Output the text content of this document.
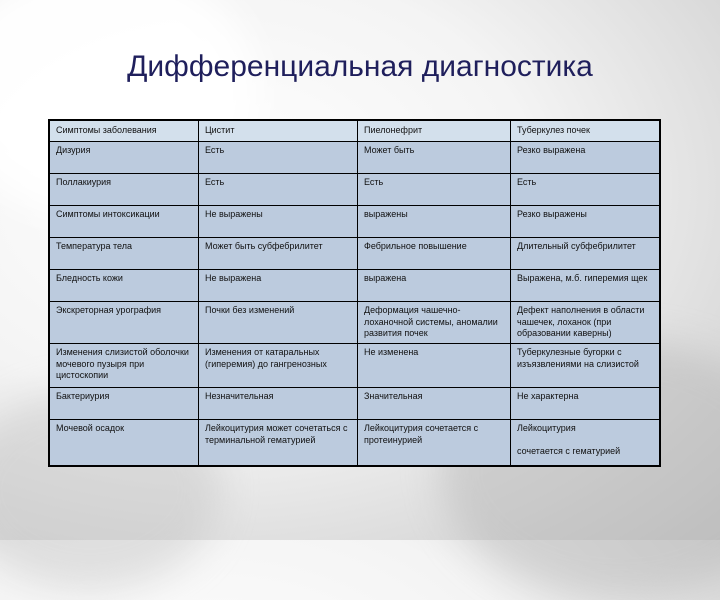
Дифференциальная диагностика
Симптомы заболевания	Цистит	Пиелонефрит	Туберкулез почек
Дизурия	Есть	Может быть	Резко выражена
Поллакиурия	Есть	Есть	Есть
Симптомы интоксикации	Не выражены	выражены	Резко выражены
Температура тела	Может быть субфебрилитет	Фебрильное повышение	Длительный субфебрилитет
Бледность кожи	Не выражена	выражена	Выражена, м.б. гиперемия щек
Экскреторная урография	Почки без изменений	Деформация чашечно-лоханочной системы, аномалии развития почек	Дефект наполнения в области чашечек, лоханок (при образовании каверны)
Изменения слизистой оболочки мочевого пузыря при цистоскопии	Изменения от катаральных (гиперемия) до гангренозных	Не изменена	Туберкулезные бугорки с изъязвлениями на слизистой
Бактериурия	Незначительная	Значительная	Не характерна
Мочевой осадок	Лейкоцитурия может сочетаться с терминальной гематурией	Лейкоцитурия сочетается с протеинурией	Лейкоцитурия
сочетается с гематурией
